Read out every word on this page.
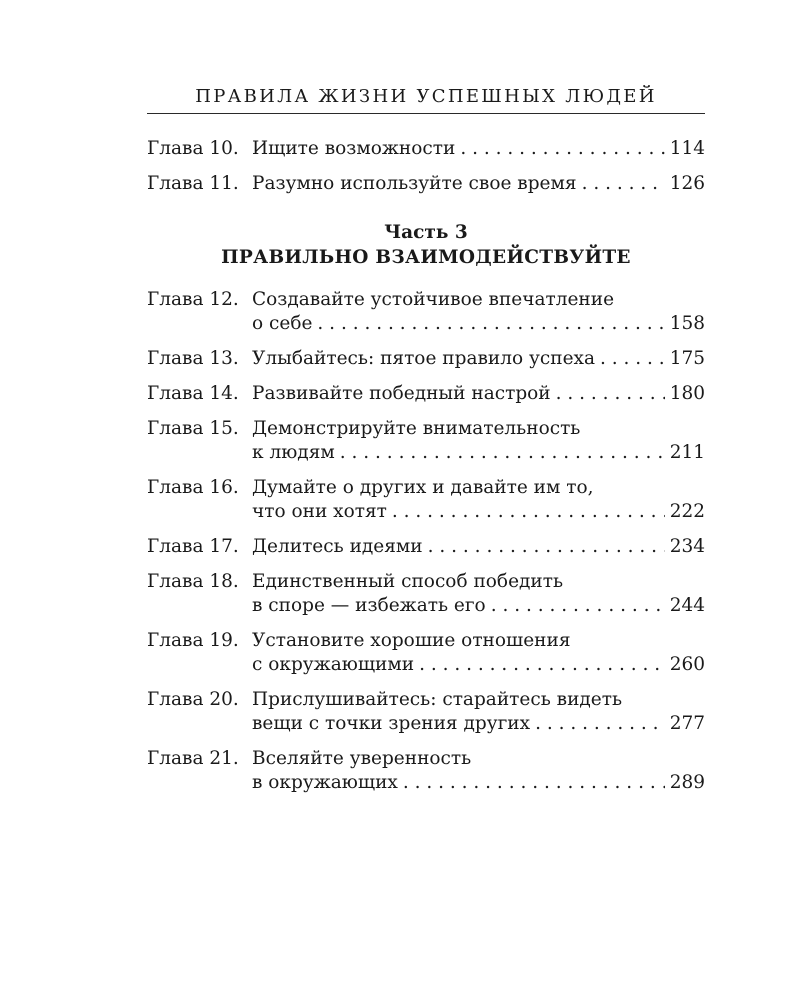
ПРАВИЛА ЖИЗНИ УСПЕШНЫХ ЛЮДЕЙ
Глава 10. Ищите возможности . . .	114
Глава 11. Разумно используйте свое время . . .	126
Часть 3
ПРАВИЛЬНО ВЗАИМОДЕЙСТВУЙТЕ
Глава 12. Создавайте устойчивое впечатление
о себе . . .	158
Глава 13. Улыбайтесь: пятое правило успеха . . .	175
Глава 14. Развивайте победный настрой . . .	180
Глава 15. Демонстрируйте внимательность
к людям . . .	211
Глава 16. Думайте о других и давайте им то,
что они хотят . . .	222
Глава 17. Делитесь идеями . . .	234
Глава 18. Единственный способ победить
в споре — избежать его . . .	244
Глава 19. Установите хорошие отношения
с окружающими . . .	260
Глава 20. Прислушивайтесь: старайтесь видеть
вещи с точки зрения других . . .	277
Глава 21. Вселяйте уверенность
в окружающих . . .	289
